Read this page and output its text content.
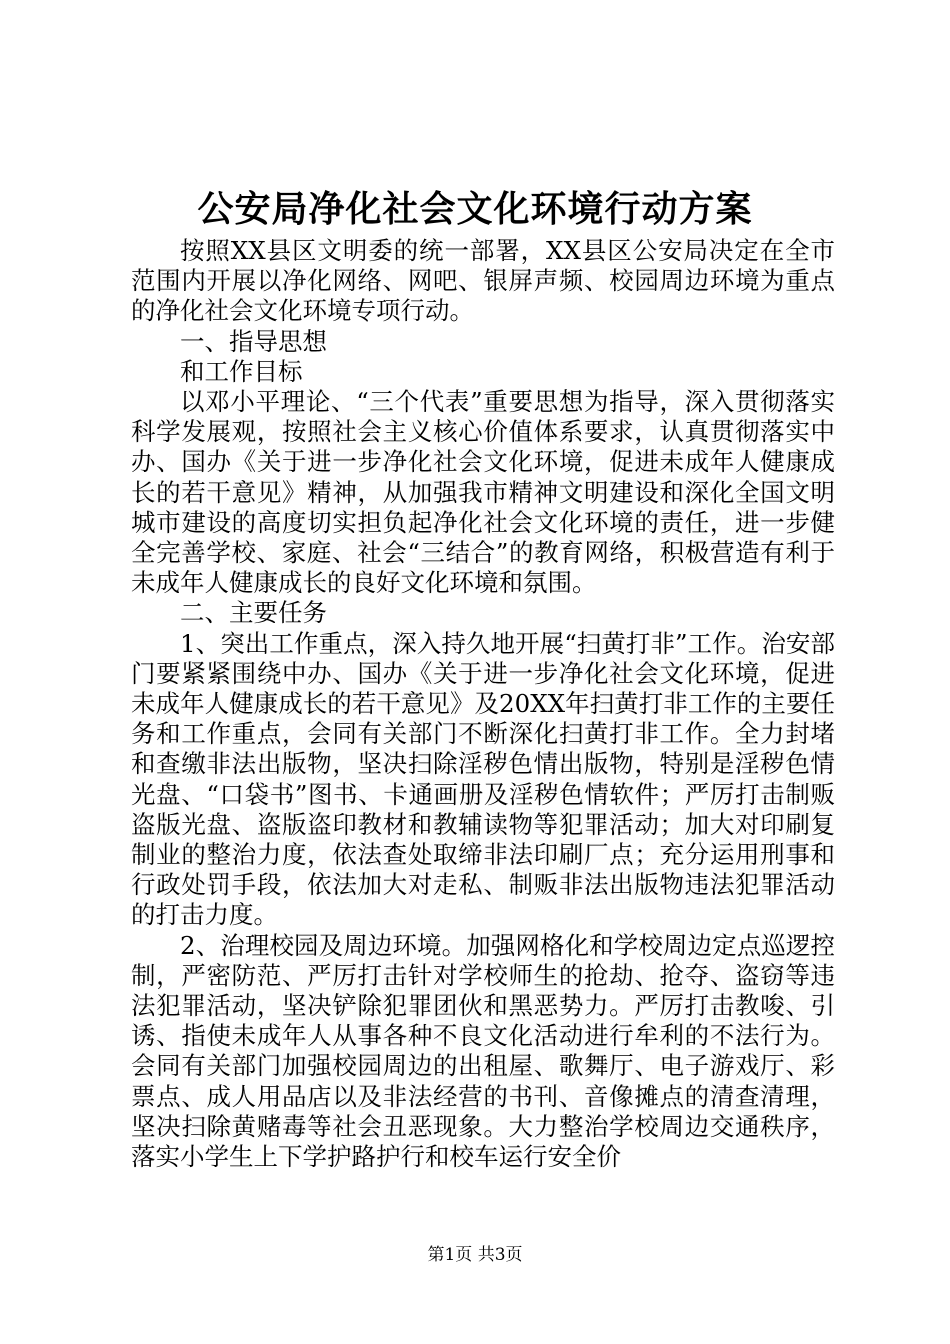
公安局净化社会文化环境行动方案

按照XX县区文明委的统一部署，XX县区公安局决定在全市范围内开展以净化网络、网吧、银屏声频、校园周边环境为重点的净化社会文化环境专项行动。

一、指导思想

和工作目标

以邓小平理论、“三个代表”重要思想为指导，深入贯彻落实科学发展观，按照社会主义核心价值体系要求，认真贯彻落实中办、国办《关于进一步净化社会文化环境，促进未成年人健康成长的若干意见》精神，从加强我市精神文明建设和深化全国文明城市建设的高度切实担负起净化社会文化环境的责任，进一步健全完善学校、家庭、社会“三结合”的教育网络，积极营造有利于未成年人健康成长的良好文化环境和氛围。

二、主要任务

1、突出工作重点，深入持久地开展“扫黄打非”工作。治安部门要紧紧围绕中办、国办《关于进一步净化社会文化环境，促进未成年人健康成长的若干意见》及20XX年扫黄打非工作的主要任务和工作重点，会同有关部门不断深化扫黄打非工作。全力封堵和查缴非法出版物，坚决扫除淫秽色情出版物，特别是淫秽色情光盘、“口袋书”图书、卡通画册及淫秽色情软件；严厉打击制贩盗版光盘、盗版盗印教材和教辅读物等犯罪活动；加大对印刷复制业的整治力度，依法查处取缔非法印刷厂点；充分运用刑事和行政处罚手段，依法加大对走私、制贩非法出版物违法犯罪活动的打击力度。

2、治理校园及周边环境。加强网格化和学校周边定点巡逻控制，严密防范、严厉打击针对学校师生的抢劫、抢夺、盗窃等违法犯罪活动，坚决铲除犯罪团伙和黑恶势力。严厉打击教唆、引诱、指使未成年人从事各种不良文化活动进行牟利的不法行为。会同有关部门加强校园周边的出租屋、歌舞厅、电子游戏厅、彩票点、成人用品店以及非法经营的书刊、音像摊点的清查清理，坚决扫除黄赌毒等社会丑恶现象。大力整治学校周边交通秩序，落实小学生上下学护路护行和校车运行安全价

第1页 共3页
